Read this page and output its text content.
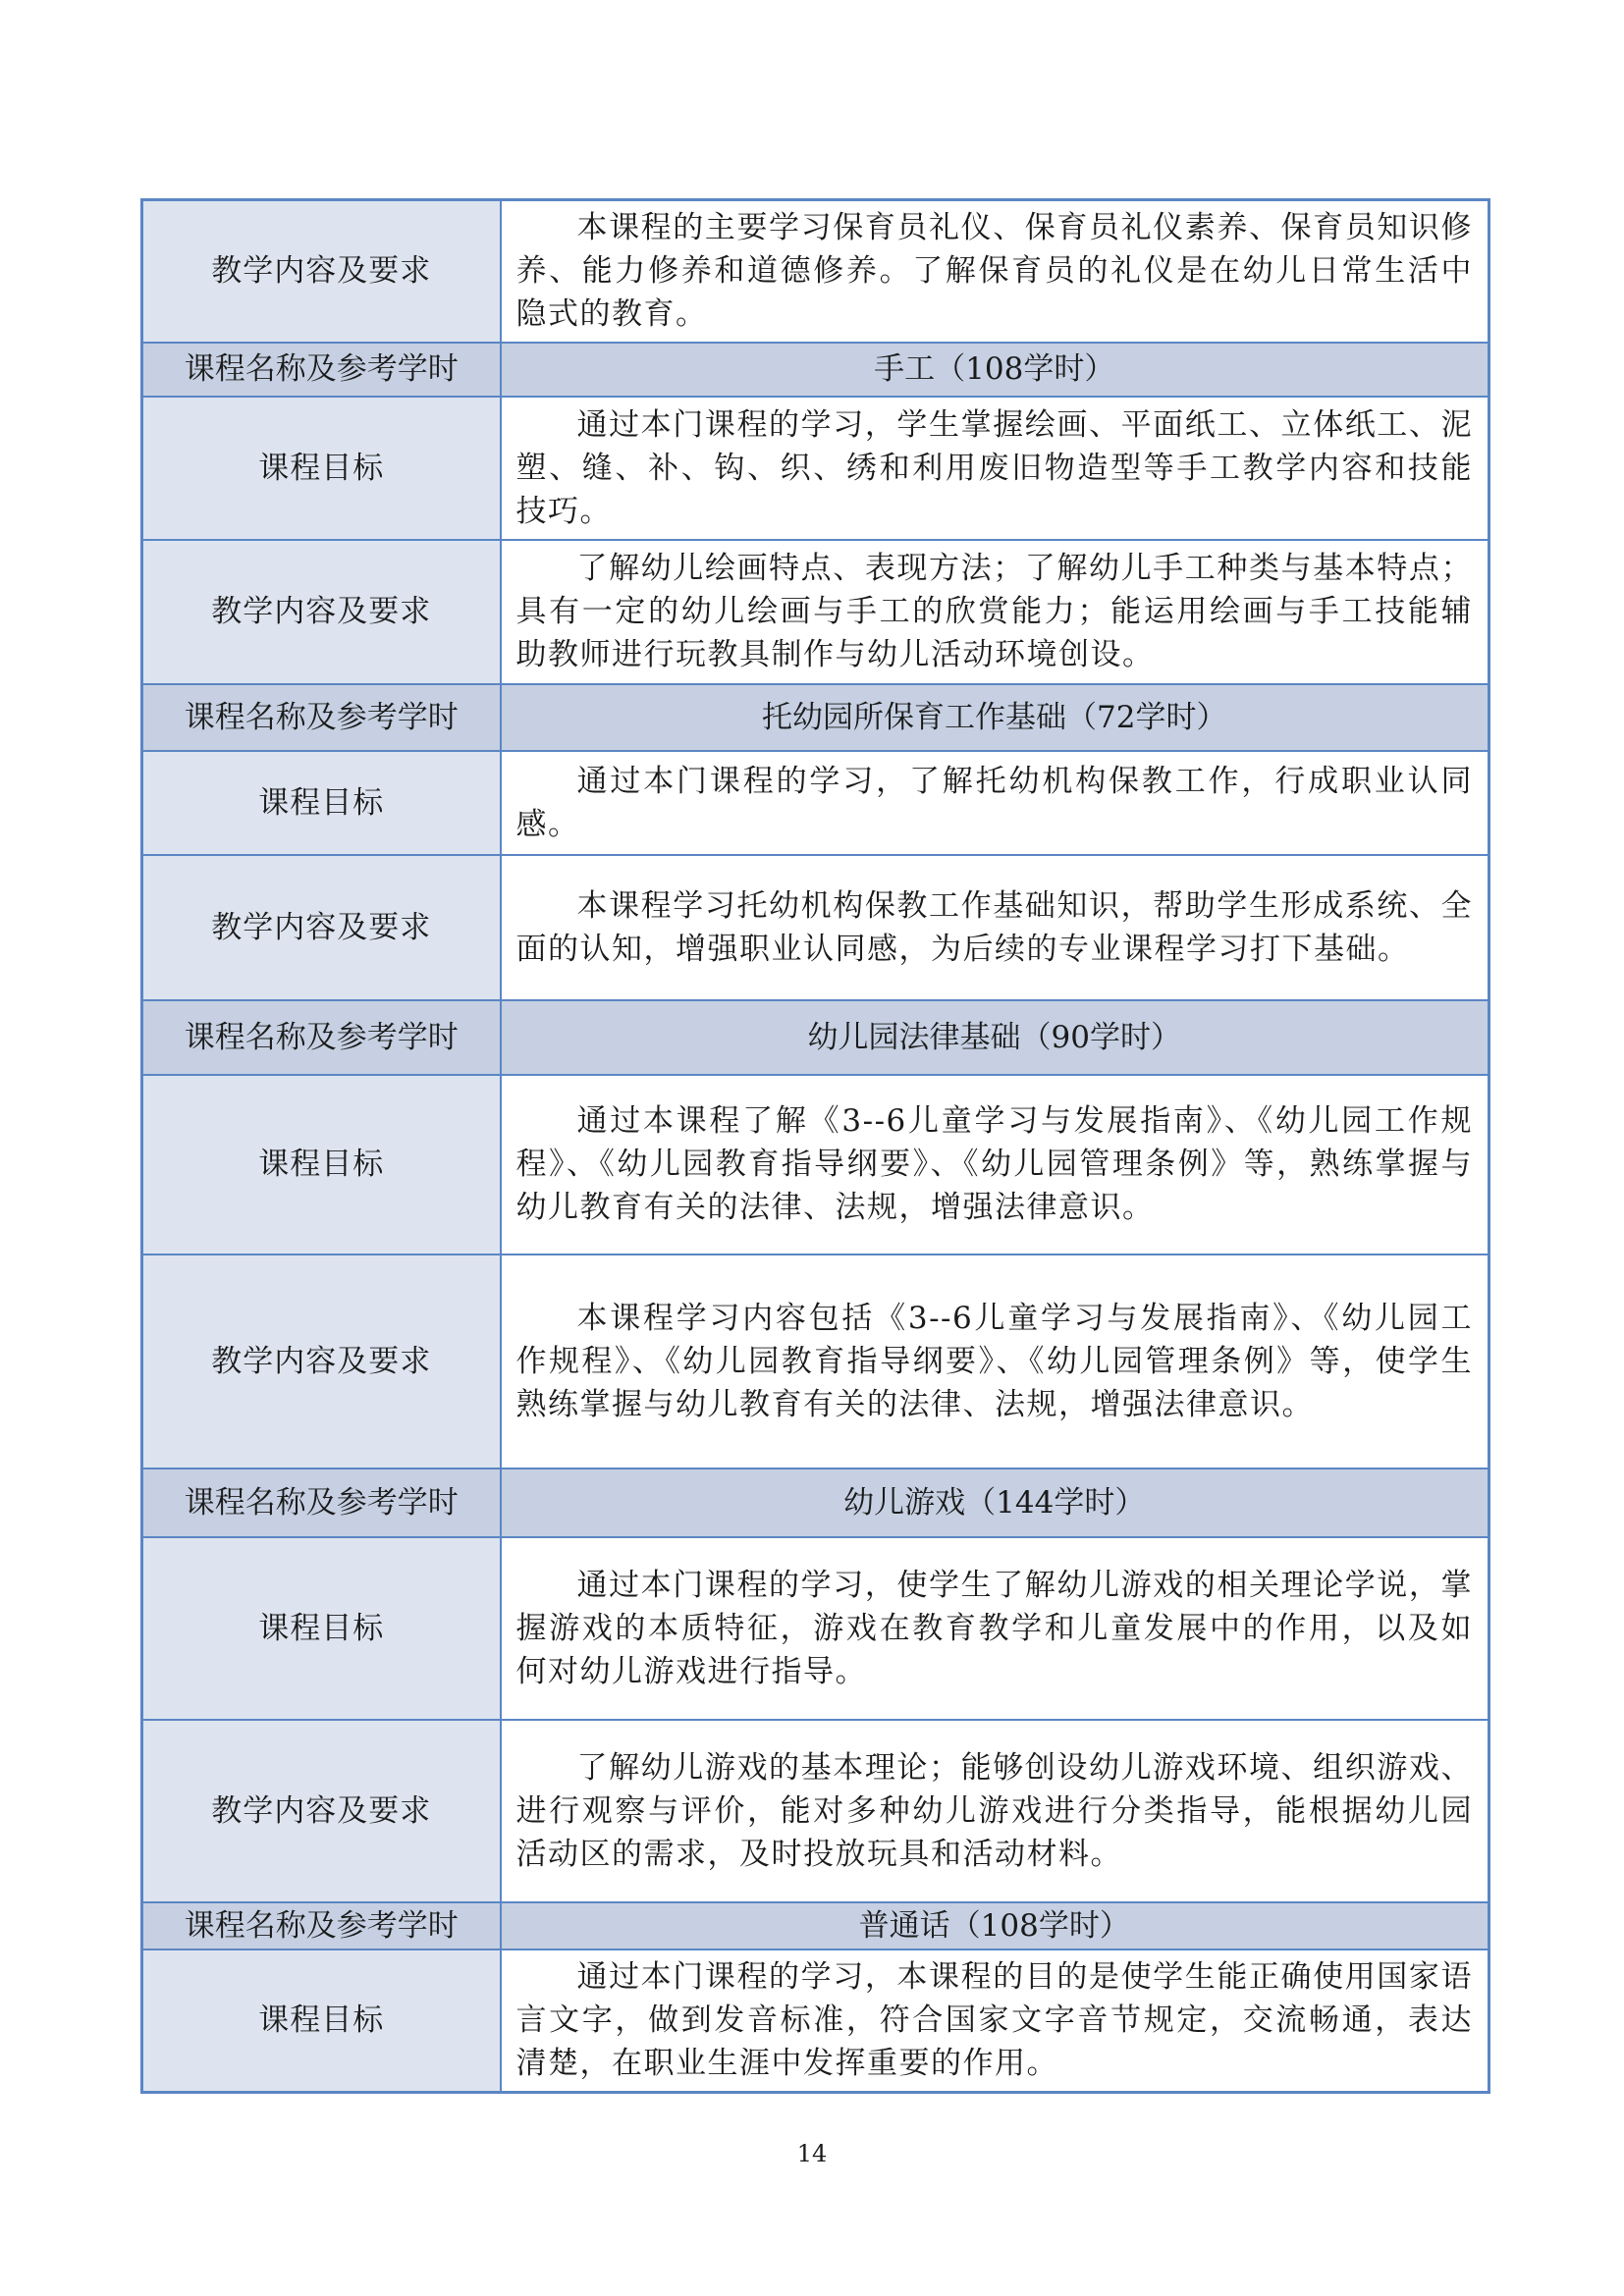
教学内容及要求	本课程的主要学习保育员礼仪、保育员礼仪素养、保育员知识修养、能力修养和道德修养。了解保育员的礼仪是在幼儿日常生活中隐式的教育。

课程名称及参考学时	手工（108学时）
课程目标	通过本门课程的学习，学生掌握绘画、平面纸工、立体纸工、泥塑、缝、补、钩、织、绣和利用废旧物造型等手工教学内容和技能技巧。

教学内容及要求	了解幼儿绘画特点、表现方法；了解幼儿手工种类与基本特点；具有一定的幼儿绘画与手工的欣赏能力；能运用绘画与手工技能辅助教师进行玩教具制作与幼儿活动环境创设。

课程名称及参考学时	托幼园所保育工作基础（72学时）
课程目标	通过本门课程的学习，了解托幼机构保教工作，行成职业认同感。

教学内容及要求	本课程学习托幼机构保教工作基础知识，帮助学生形成系统、全面的认知，增强职业认同感，为后续的专业课程学习打下基础。

课程名称及参考学时	幼儿园法律基础（90学时）
课程目标	通过本课程了解《3--6儿童学习与发展指南》、《幼儿园工作规程》、《幼儿园教育指导纲要》、《幼儿园管理条例》等，熟练掌握与幼儿教育有关的法律、法规，增强法律意识。

教学内容及要求	本课程学习内容包括《3--6儿童学习与发展指南》、《幼儿园工作规程》、《幼儿园教育指导纲要》、《幼儿园管理条例》等，使学生熟练掌握与幼儿教育有关的法律、法规，增强法律意识。

课程名称及参考学时	幼儿游戏（144学时）
课程目标	通过本门课程的学习，使学生了解幼儿游戏的相关理论学说，掌握游戏的本质特征，游戏在教育教学和儿童发展中的作用，以及如何对幼儿游戏进行指导。

教学内容及要求	了解幼儿游戏的基本理论；能够创设幼儿游戏环境、组织游戏、进行观察与评价，能对多种幼儿游戏进行分类指导，能根据幼儿园活动区的需求，及时投放玩具和活动材料。

课程名称及参考学时	普通话（108学时）
课程目标	通过本门课程的学习，本课程的目的是使学生能正确使用国家语言文字，做到发音标准，符合国家文字音节规定，交流畅通，表达清楚，在职业生涯中发挥重要的作用。
14
